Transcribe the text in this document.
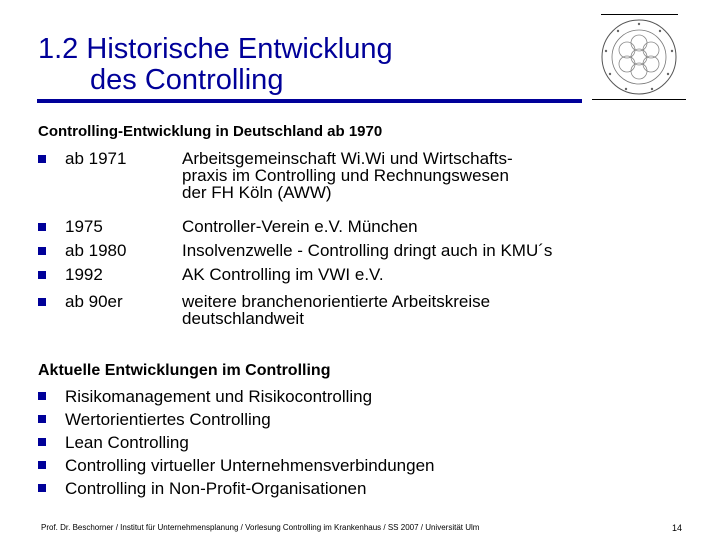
1.2 Historische Entwicklung
des Controlling
Controlling-Entwicklung in Deutschland ab 1970
ab 1971	Arbeitsgemeinschaft Wi.Wi und Wirtschafts-
praxis im Controlling und Rechnungswesen
der FH Köln (AWW)
1975	Controller-Verein e.V. München
ab 1980	Insolvenzwelle - Controlling dringt auch in KMU´s
1992	AK Controlling im VWI e.V.
ab 90er	weitere branchenorientierte Arbeitskreise
deutschlandweit
Aktuelle Entwicklungen im Controlling
Risikomanagement und Risikocontrolling
Wertorientiertes Controlling
Lean Controlling
Controlling virtueller Unternehmensverbindungen
Controlling in Non-Profit-Organisationen
Prof. Dr. Beschorner / Institut für Unternehmensplanung / Vorlesung Controlling im Krankenhaus / SS 2007 / Universität Ulm	14
